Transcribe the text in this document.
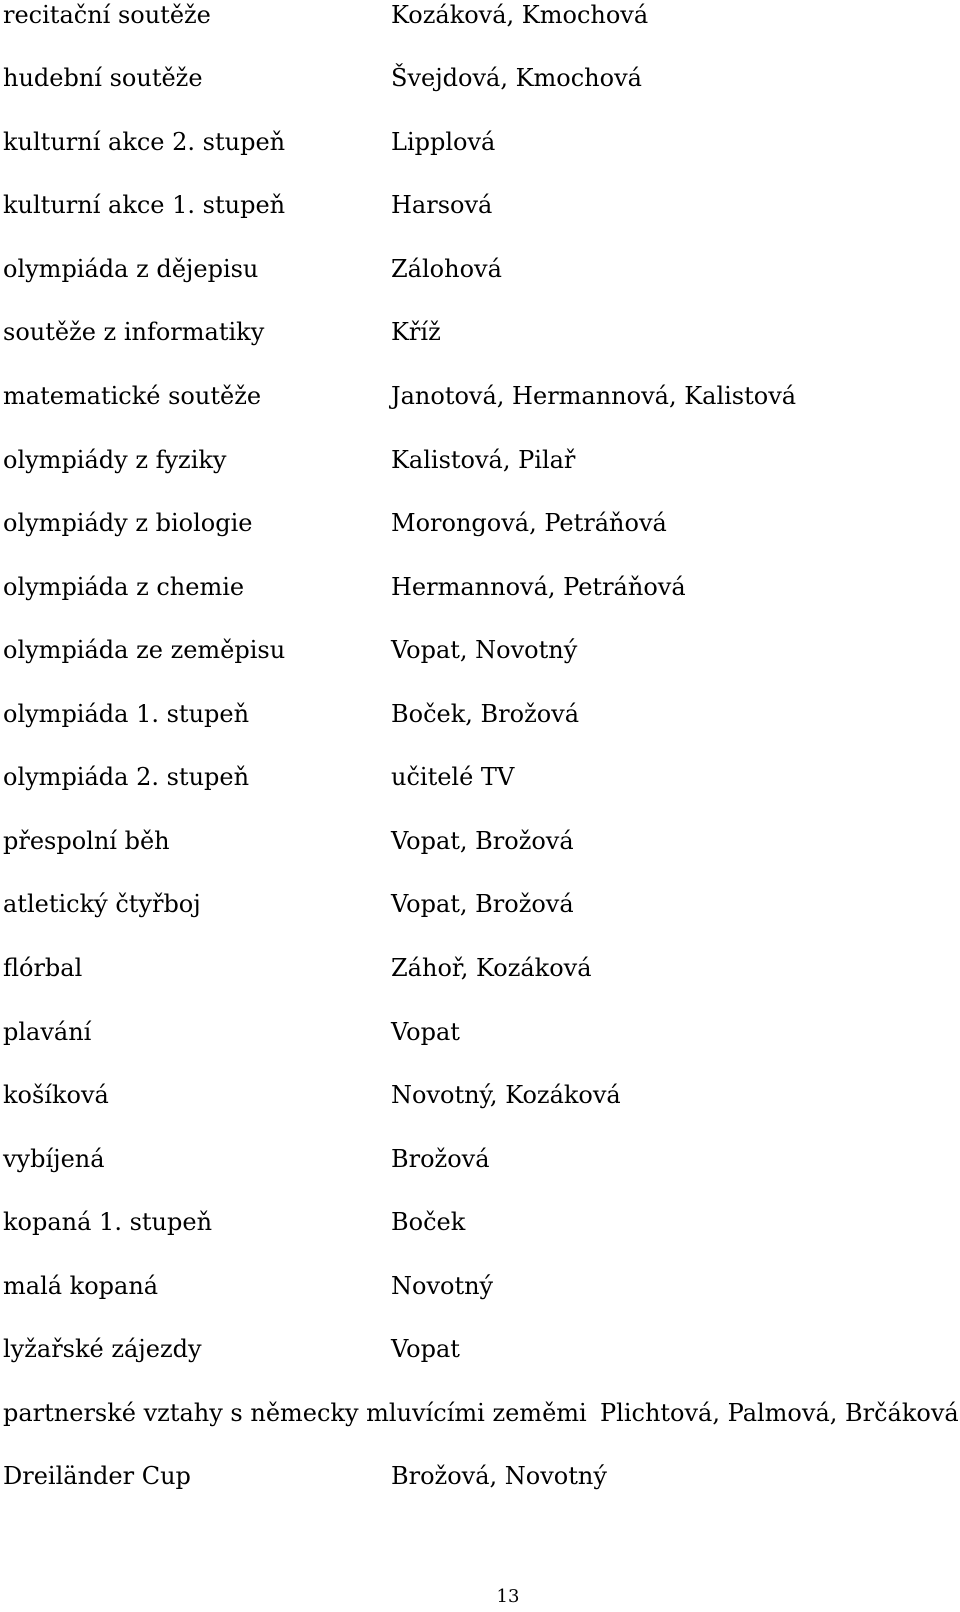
recitační soutěže	Kozáková, Kmochová
hudební soutěže	Švejdová, Kmochová
kulturní akce 2. stupeň	Lipplová
kulturní akce 1. stupeň	Harsová
olympiáda z dějepisu	Zálohová
soutěže z informatiky	Kříž
matematické soutěže	Janotová, Hermannová, Kalistová
olympiády z fyziky	Kalistová, Pilař
olympiády z biologie	Morongová, Petráňová
olympiáda z chemie	Hermannová, Petráňová
olympiáda ze zeměpisu	Vopat, Novotný
olympiáda 1. stupeň	Boček, Brožová
olympiáda 2. stupeň	učitelé TV
přespolní běh	Vopat, Brožová
atletický čtyřboj	Vopat, Brožová
flórbal	Záhoř, Kozáková
plavání	Vopat
košíková	Novotný, Kozáková
vybíjená	Brožová
kopaná 1. stupeň	Boček
malá kopaná	Novotný
lyžařské zájezdy	Vopat
partnerské vztahy s německy mluvícími zeměmi Plichtová, Palmová, Brčáková
Dreiländer Cup	Brožová, Novotný
13
